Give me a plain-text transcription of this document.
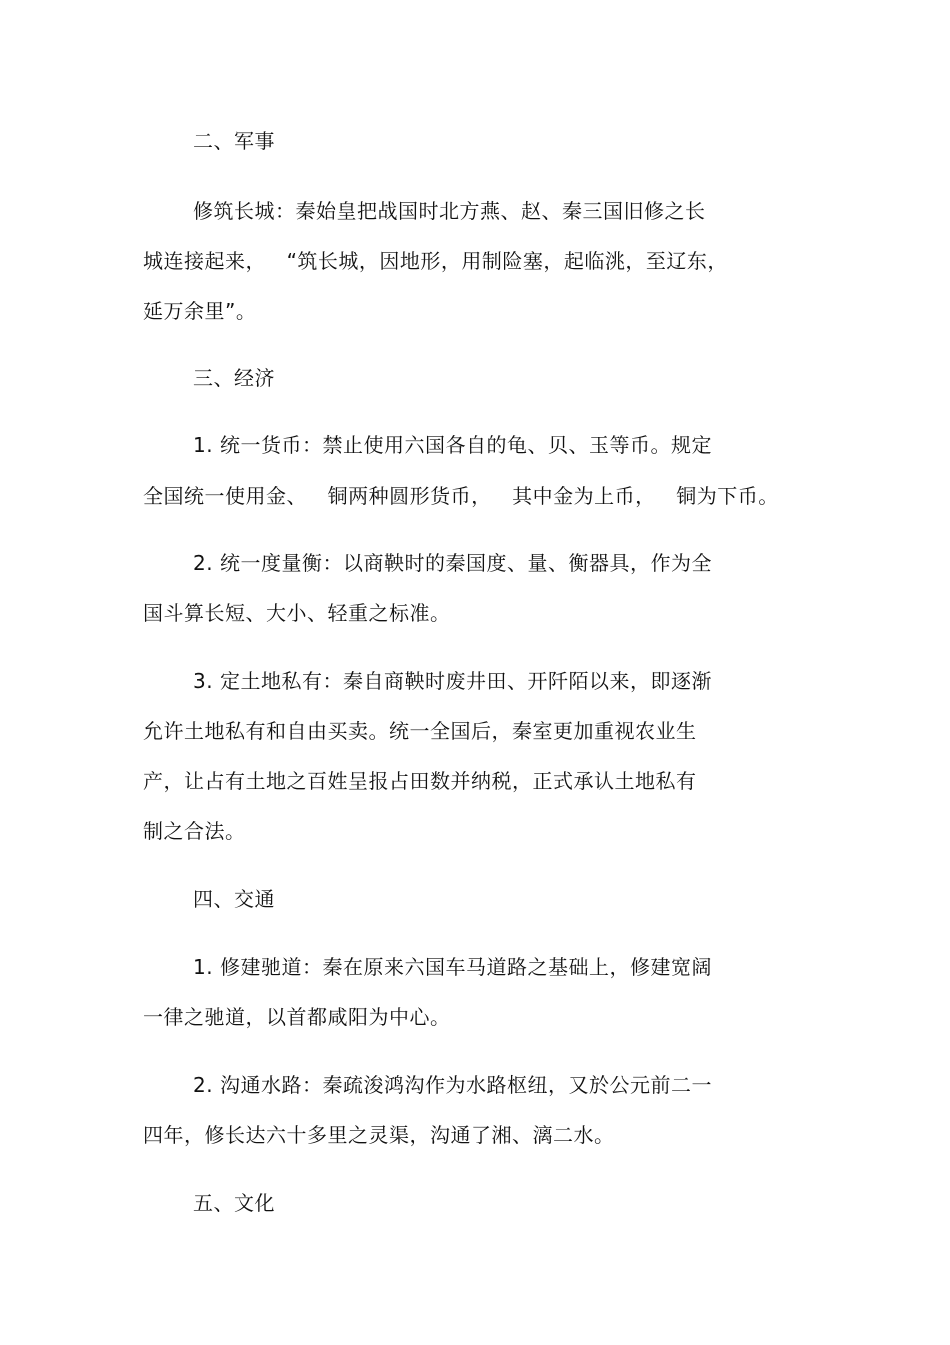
二、军事
修筑长城：秦始皇把战国时北方燕、赵、秦三国旧修之长
城连接起来，   “筑长城，因地形，用制险塞，起临洮，至辽东，
延万余里”。
三、经济
1. 统一货币：禁止使用六国各自的龟、贝、玉等币。规定
全国统一使用金、   铜两种圆形货币，   其中金为上币，   铜为下币。
2. 统一度量衡：以商鞅时的秦国度、量、衡器具，作为全
国斗算长短、大小、轻重之标准。
3. 定土地私有：秦自商鞅时废井田、开阡陌以来，即逐渐
允许土地私有和自由买卖。统一全国后，秦室更加重视农业生
产，让占有土地之百姓呈报占田数并纳税，正式承认土地私有
制之合法。
四、交通
1. 修建驰道：秦在原来六国车马道路之基础上，修建宽阔
一律之驰道，以首都咸阳为中心。
2. 沟通水路：秦疏浚鸿沟作为水路枢纽，又於公元前二一
四年，修长达六十多里之灵渠，沟通了湘、漓二水。
五、文化
